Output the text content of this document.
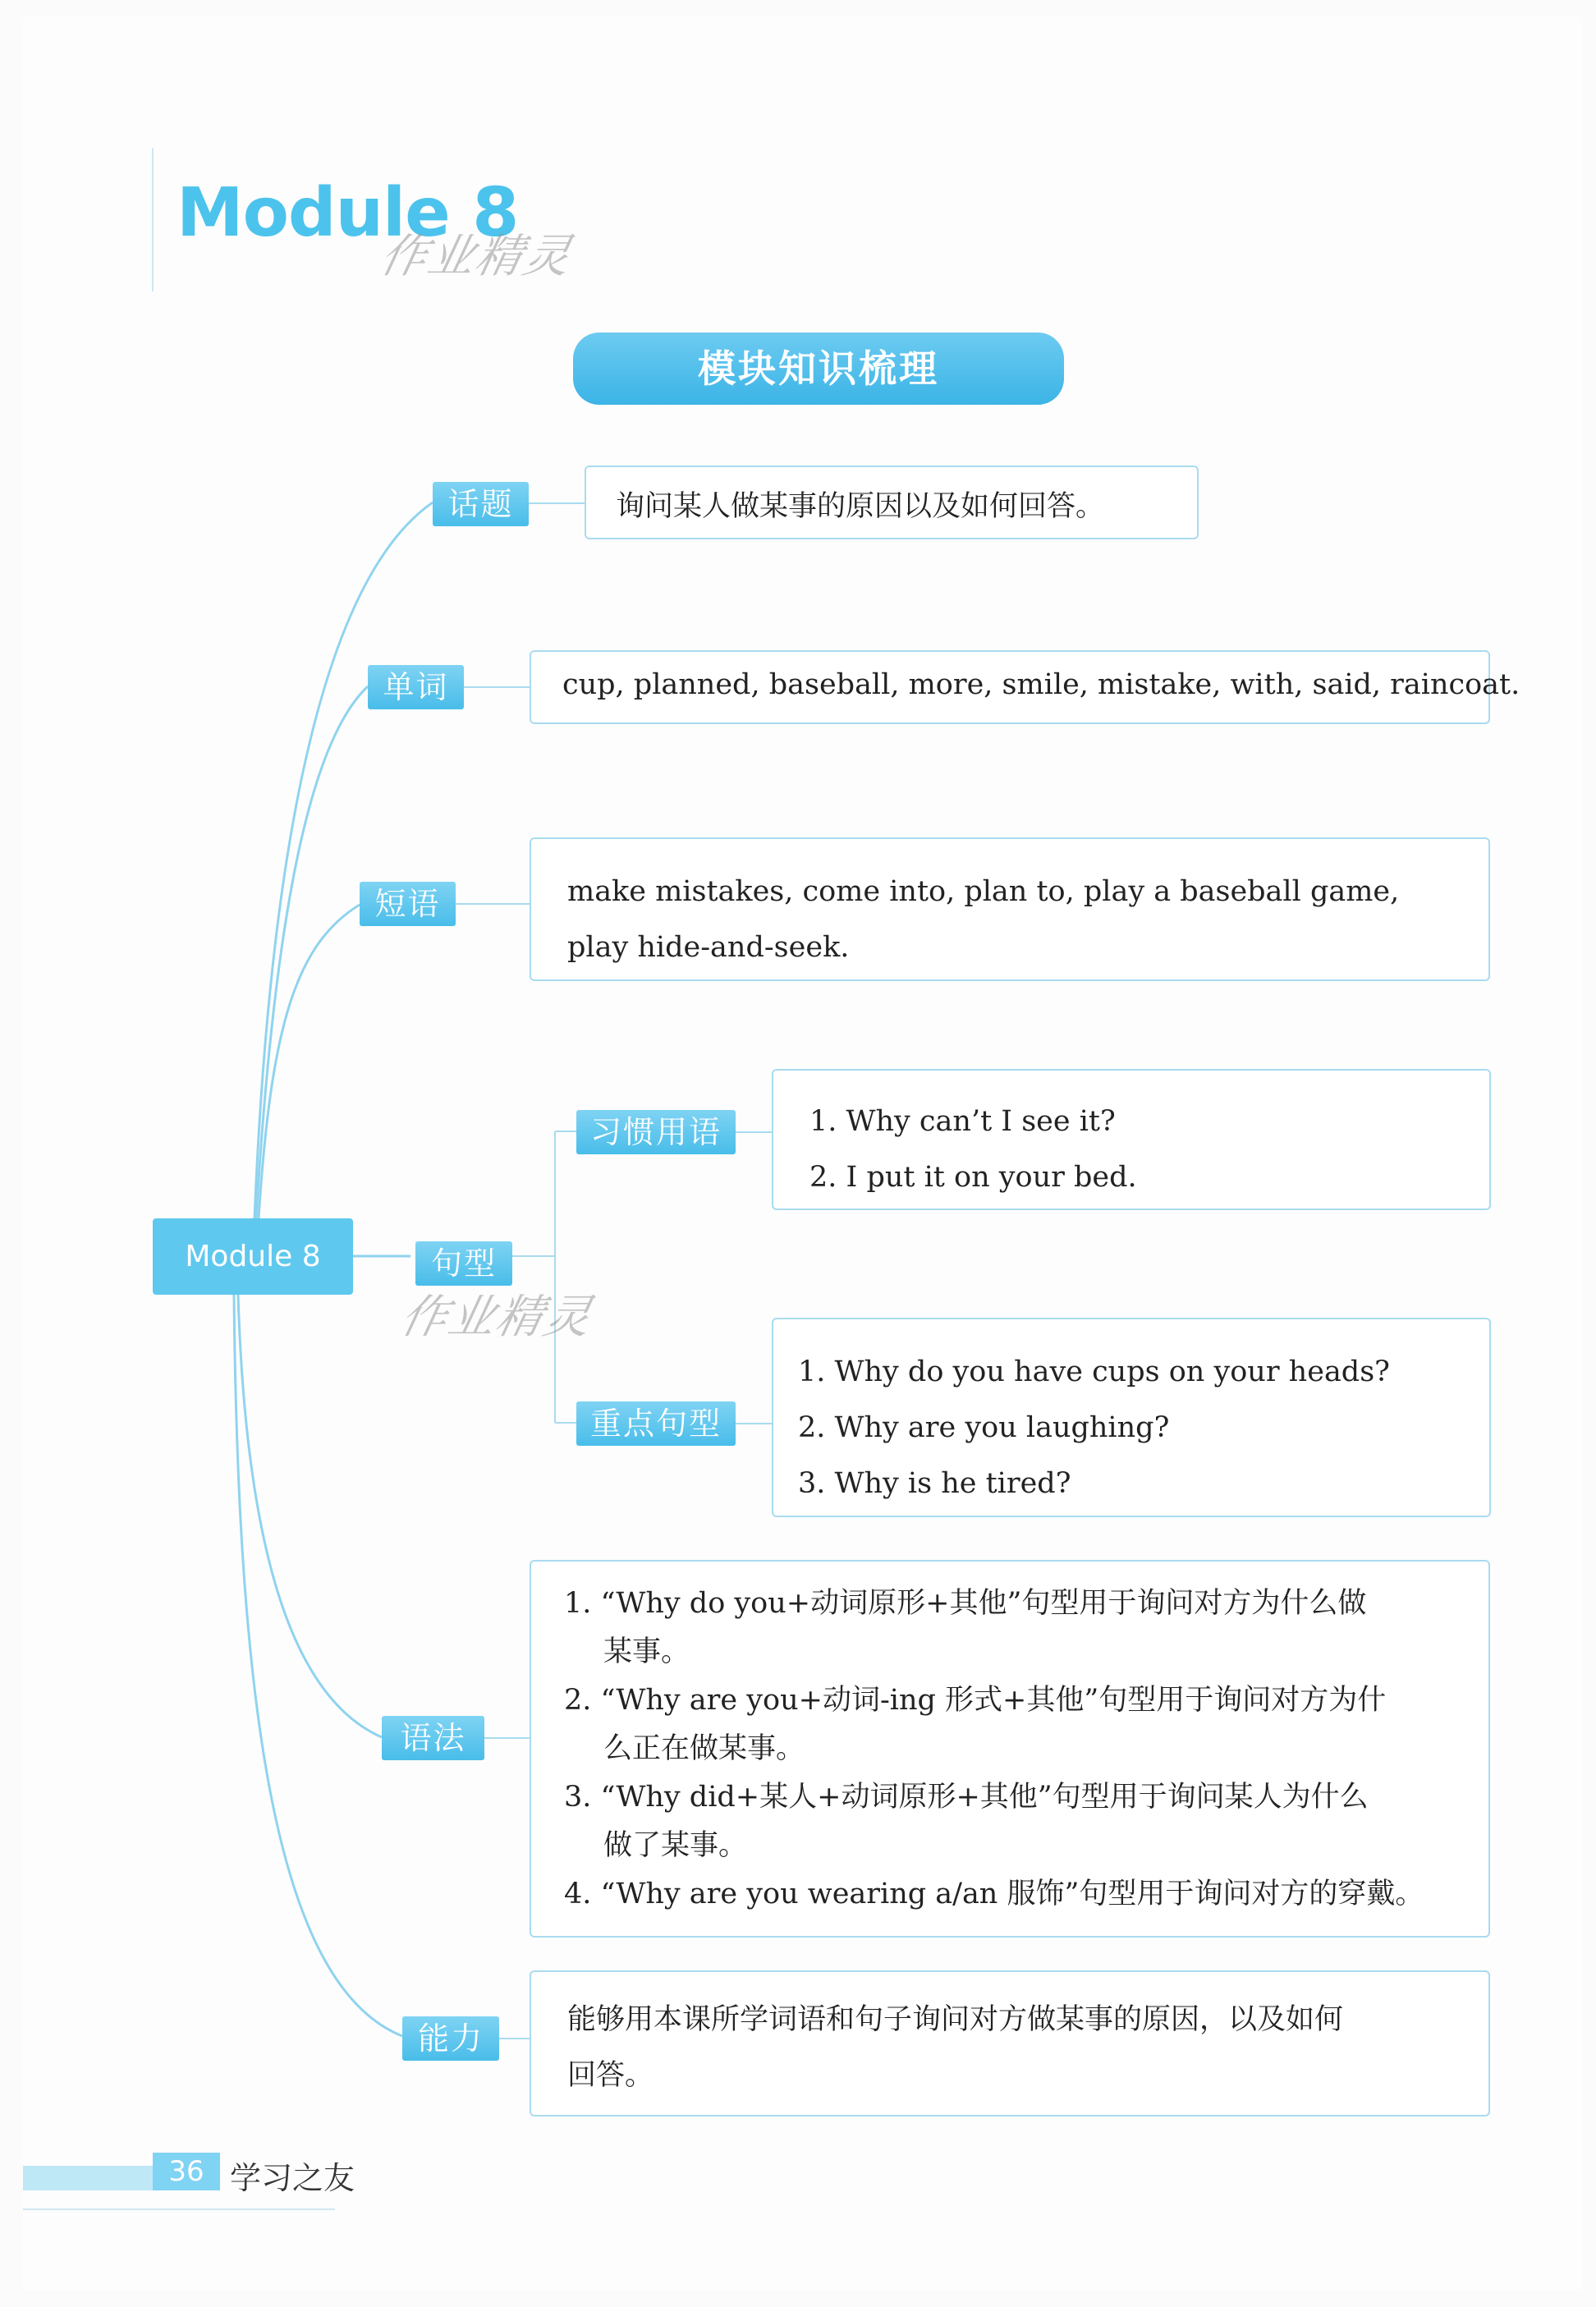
Module 8
作业精灵
模块知识梳理
Module 8
话题	询问某人做某事的原因以及如何回答。
单词	cup, planned, baseball, more, smile, mistake, with, said, raincoat.
短语	make mistakes, come into, plan to, play a baseball game,
play hide-and-seek.
句型
作业精灵
习惯用语	1. Why can’t I see it?
2. I put it on your bed.
重点句型
1. Why do you have cups on your heads?
2. Why are you laughing?
3. Why is he tired?
语法
1. “Why do you+动词原形+其他”句型用于询问对方为什么做
某事。
2. “Why are you+动词-ing 形式+其他”句型用于询问对方为什
么正在做某事。
3. “Why did+某人+动词原形+其他”句型用于询问某人为什么
做了某事。
4. “Why are you wearing a/an 服饰”句型用于询问对方的穿戴。
能力
能够用本课所学词语和句子询问对方做某事的原因，以及如何
回答。
36 学习之友
